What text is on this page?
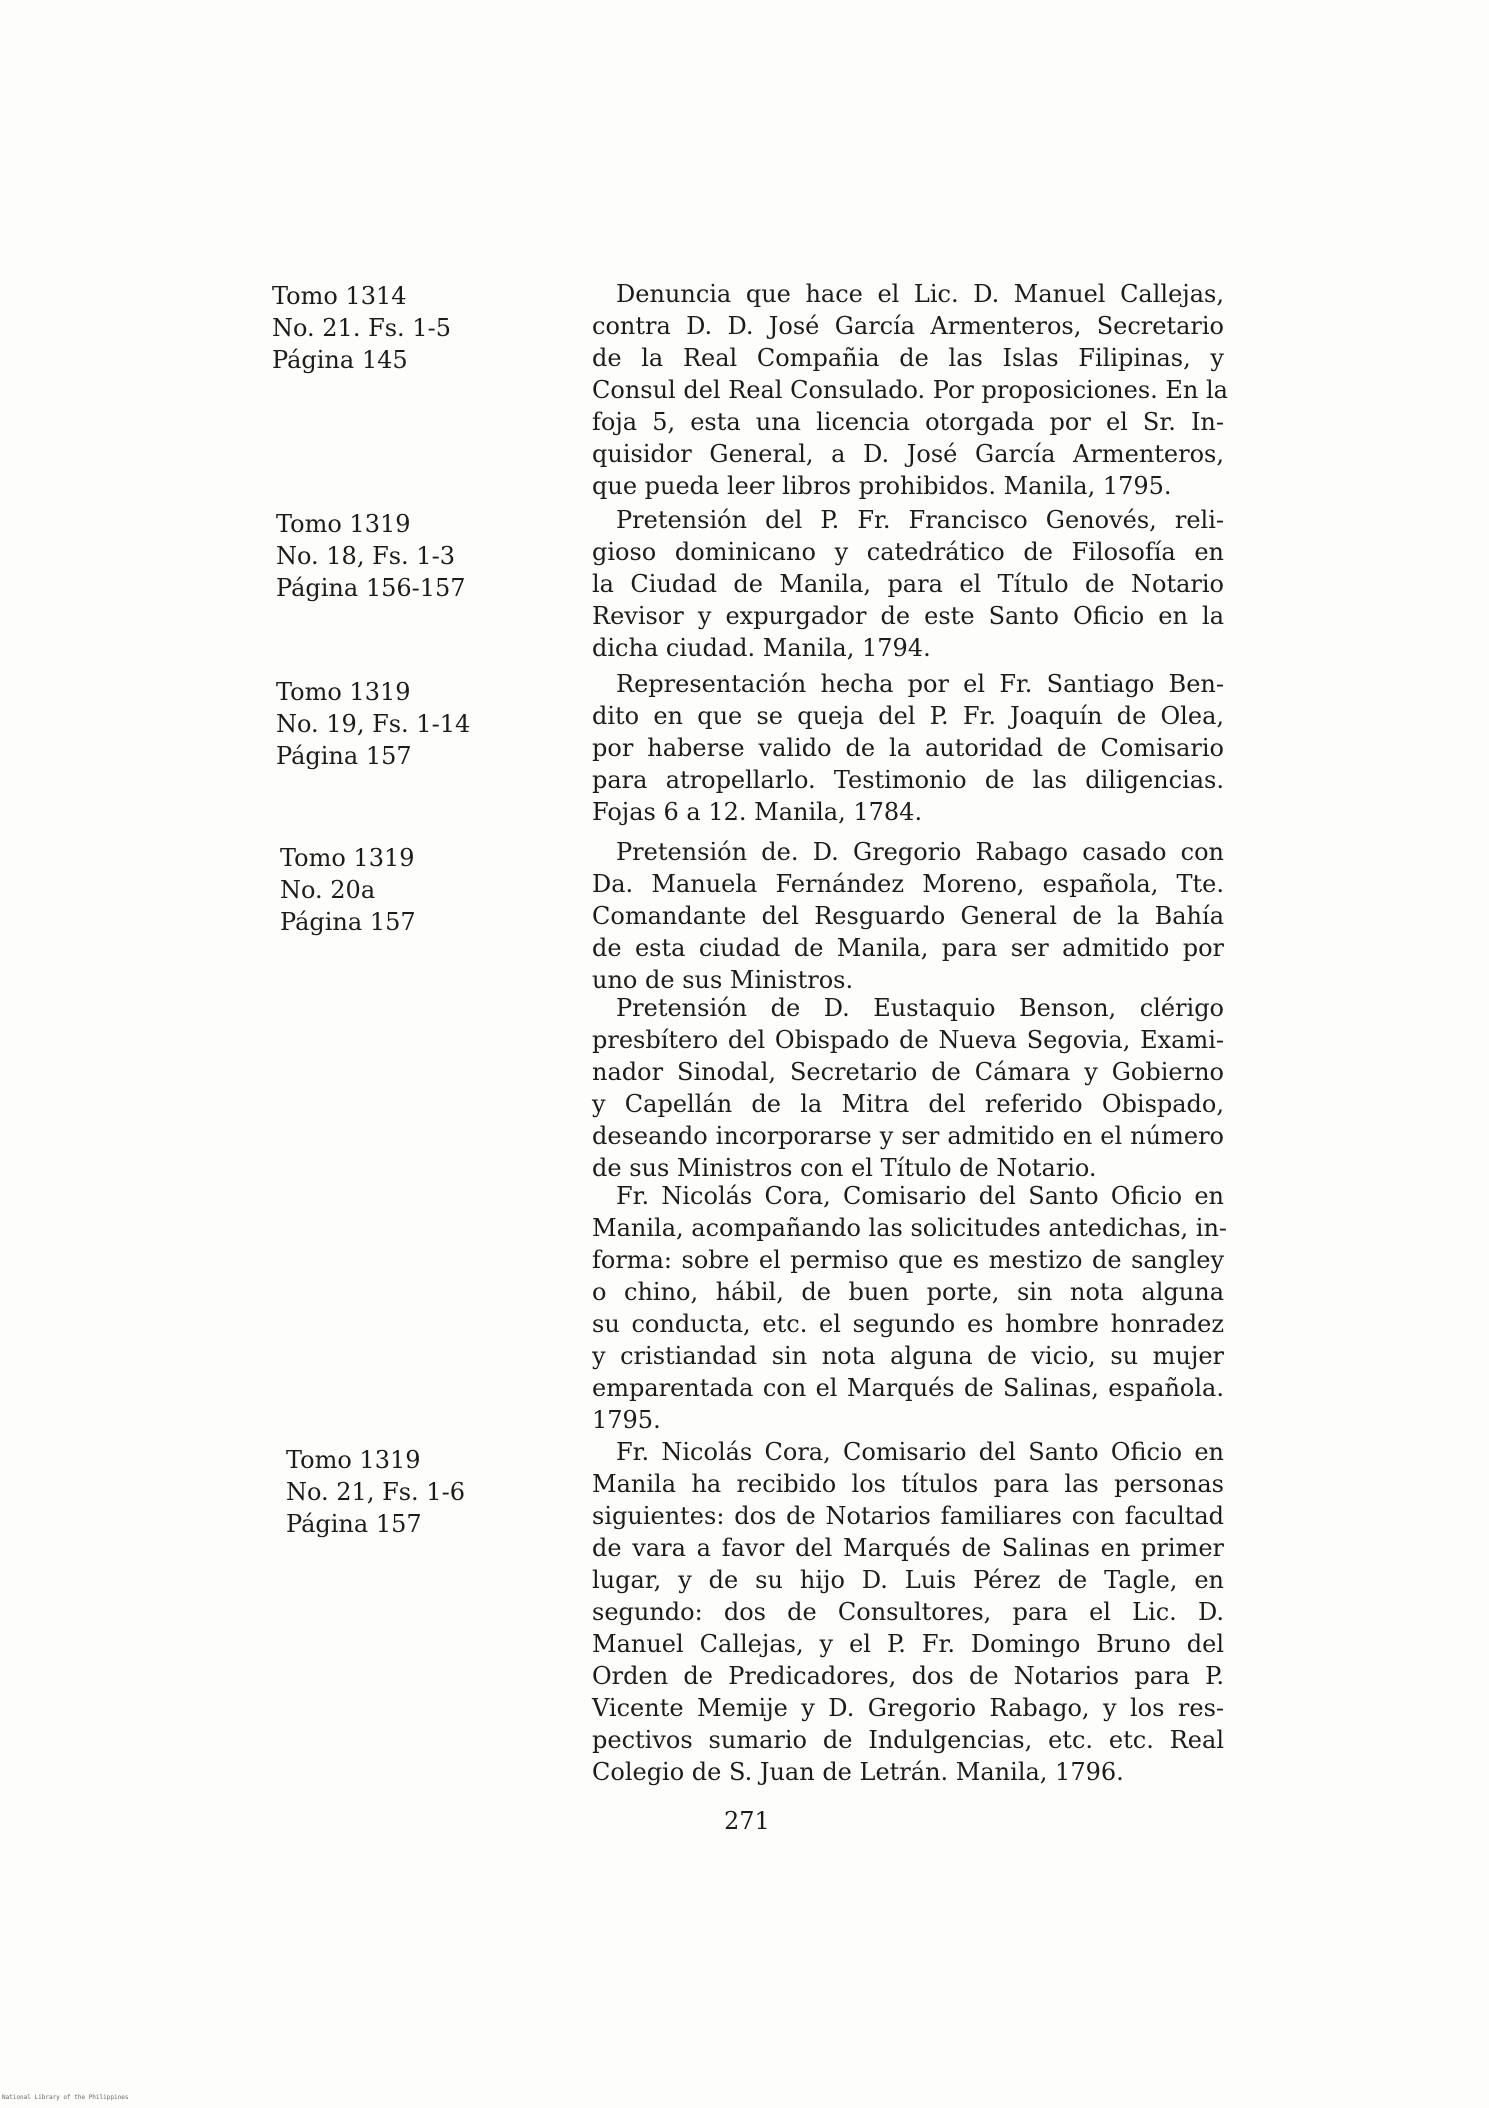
Tomo 1314
No. 21. Fs. 1-5
Página 145
Tomo 1319
No. 18, Fs. 1-3
Página 156-157
Tomo 1319
No. 19, Fs. 1-14
Página 157
Tomo 1319
No. 20a
Página 157
Tomo 1319
No. 21, Fs. 1-6
Página 157
Denuncia que hace el Lic. D. Manuel Callejas,
contra D. D. José García Armenteros, Secretario
de la Real Compañia de las Islas Filipinas, y
Consul del Real Consulado. Por proposiciones. En la
foja 5, esta una licencia otorgada por el Sr. In-
quisidor General, a D. José García Armenteros,
que pueda leer libros prohibidos. Manila, 1795.
Pretensión del P. Fr. Francisco Genovés, reli-
gioso dominicano y catedrático de Filosofía en
la Ciudad de Manila, para el Título de Notario
Revisor y expurgador de este Santo Oficio en la
dicha ciudad. Manila, 1794.
Representación hecha por el Fr. Santiago Ben-
dito en que se queja del P. Fr. Joaquín de Olea,
por haberse valido de la autoridad de Comisario
para atropellarlo. Testimonio de las diligencias.
Fojas 6 a 12. Manila, 1784.
Pretensión de. D. Gregorio Rabago casado con
Da. Manuela Fernández Moreno, española, Tte.
Comandante del Resguardo General de la Bahía
de esta ciudad de Manila, para ser admitido por
uno de sus Ministros.
Pretensión de D. Eustaquio Benson, clérigo
presbítero del Obispado de Nueva Segovia, Exami-
nador Sinodal, Secretario de Cámara y Gobierno
y Capellán de la Mitra del referido Obispado,
deseando incorporarse y ser admitido en el número
de sus Ministros con el Título de Notario.
Fr. Nicolás Cora, Comisario del Santo Oficio en
Manila, acompañando las solicitudes antedichas, in-
forma: sobre el permiso que es mestizo de sangley
o chino, hábil, de buen porte, sin nota alguna
su conducta, etc. el segundo es hombre honradez
y cristiandad sin nota alguna de vicio, su mujer
emparentada con el Marqués de Salinas, española.
1795.
Fr. Nicolás Cora, Comisario del Santo Oficio en
Manila ha recibido los títulos para las personas
siguientes: dos de Notarios familiares con facultad
de vara a favor del Marqués de Salinas en primer
lugar, y de su hijo D. Luis Pérez de Tagle, en
segundo: dos de Consultores, para el Lic. D.
Manuel Callejas, y el P. Fr. Domingo Bruno del
Orden de Predicadores, dos de Notarios para P.
Vicente Memije y D. Gregorio Rabago, y los res-
pectivos sumario de Indulgencias, etc. etc. Real
Colegio de S. Juan de Letrán. Manila, 1796.
271
National Library of the Philippines
